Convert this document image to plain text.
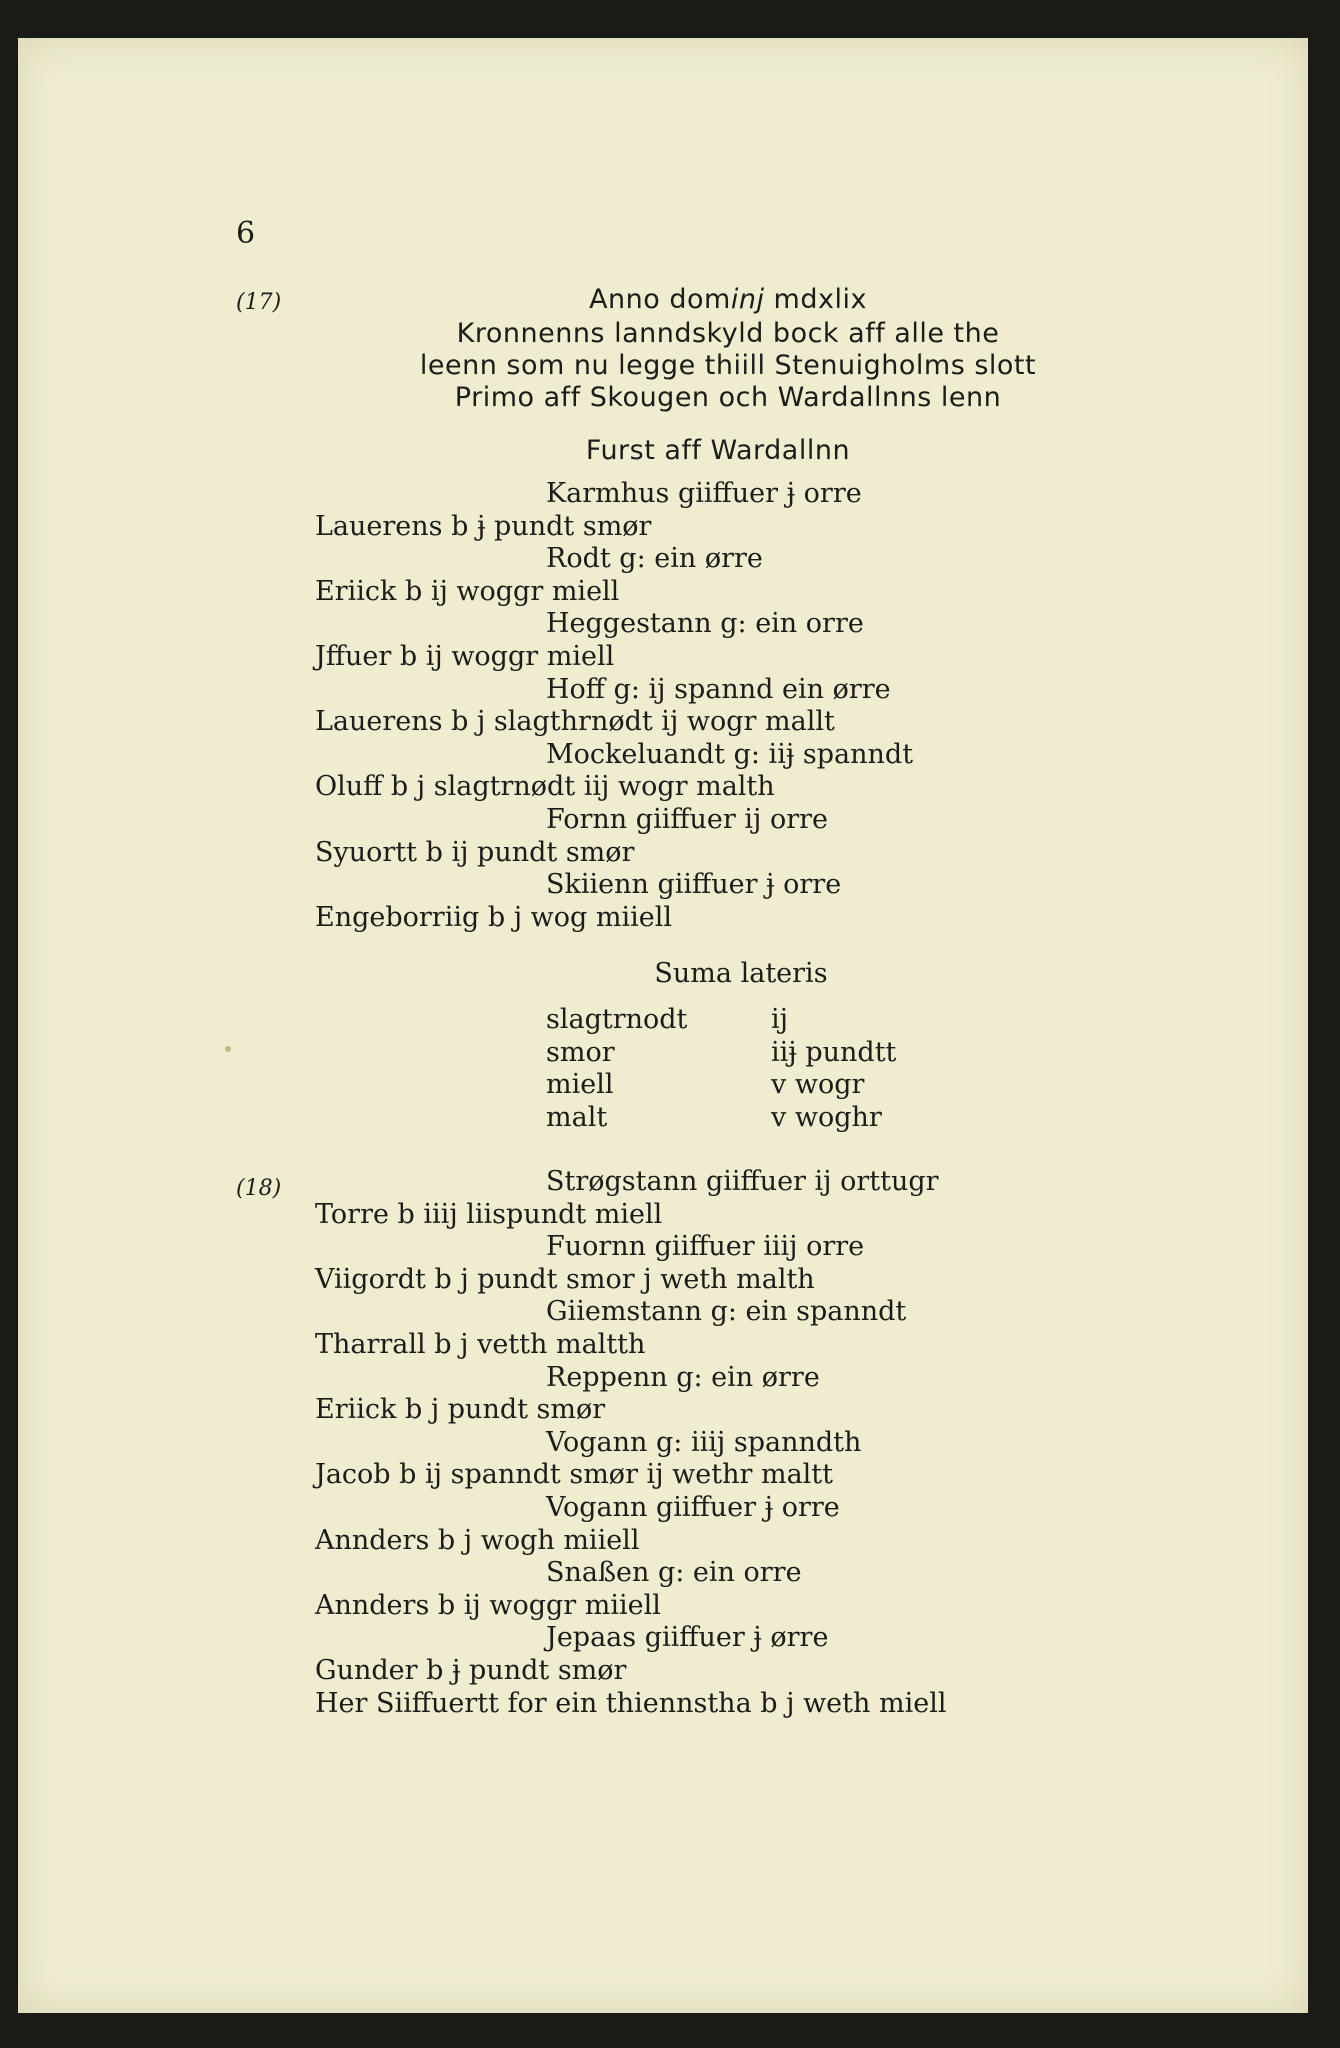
6
(17)	Anno dominj mdxlix
Kronnenns lanndskyld bock aff alle the
leenn som nu legge thiill Stenuigholms slott
Primo aff Skougen och Wardallnns lenn
Furst aff Wardallnn
Karmhus giiffuer ɉ orre
Lauerens b ɉ pundt smør
Rodt g: ein ørre
Eriick b ij woggr miell
Heggestann g: ein orre
Jffuer b ij woggr miell
Hoff g: ij spannd ein ørre
Lauerens b j slagthrnødt ij wogr mallt
Mockeluandt g: iiɉ spanndt
Oluff b j slagtrnødt iij wogr malth
Fornn giiffuer ij orre
Syuortt b ij pundt smør
Skiienn giiffuer ɉ orre
Engeborriig b j wog miiell
Suma lateris
slagtrnodt	ij
smor	iiɉ pundtt
miell	v wogr
malt	v woghr
(18)	Strøgstann giiffuer ij orttugr
Torre b iiij liispundt miell
Fuornn giiffuer iiij orre
Viigordt b j pundt smor j weth malth
Giiemstann g: ein spanndt
Tharrall b j vetth maltth
Reppenn g: ein ørre
Eriick b j pundt smør
Vogann g: iiij spanndth
Jacob b ij spanndt smør ij wethr maltt
Vogann giiffuer ɉ orre
Annders b j wogh miiell
Snaßen g: ein orre
Annders b ij woggr miiell
Jepaas giiffuer ɉ ørre
Gunder b ɉ pundt smør
Her Siiffuertt for ein thiennstha b j weth miell
